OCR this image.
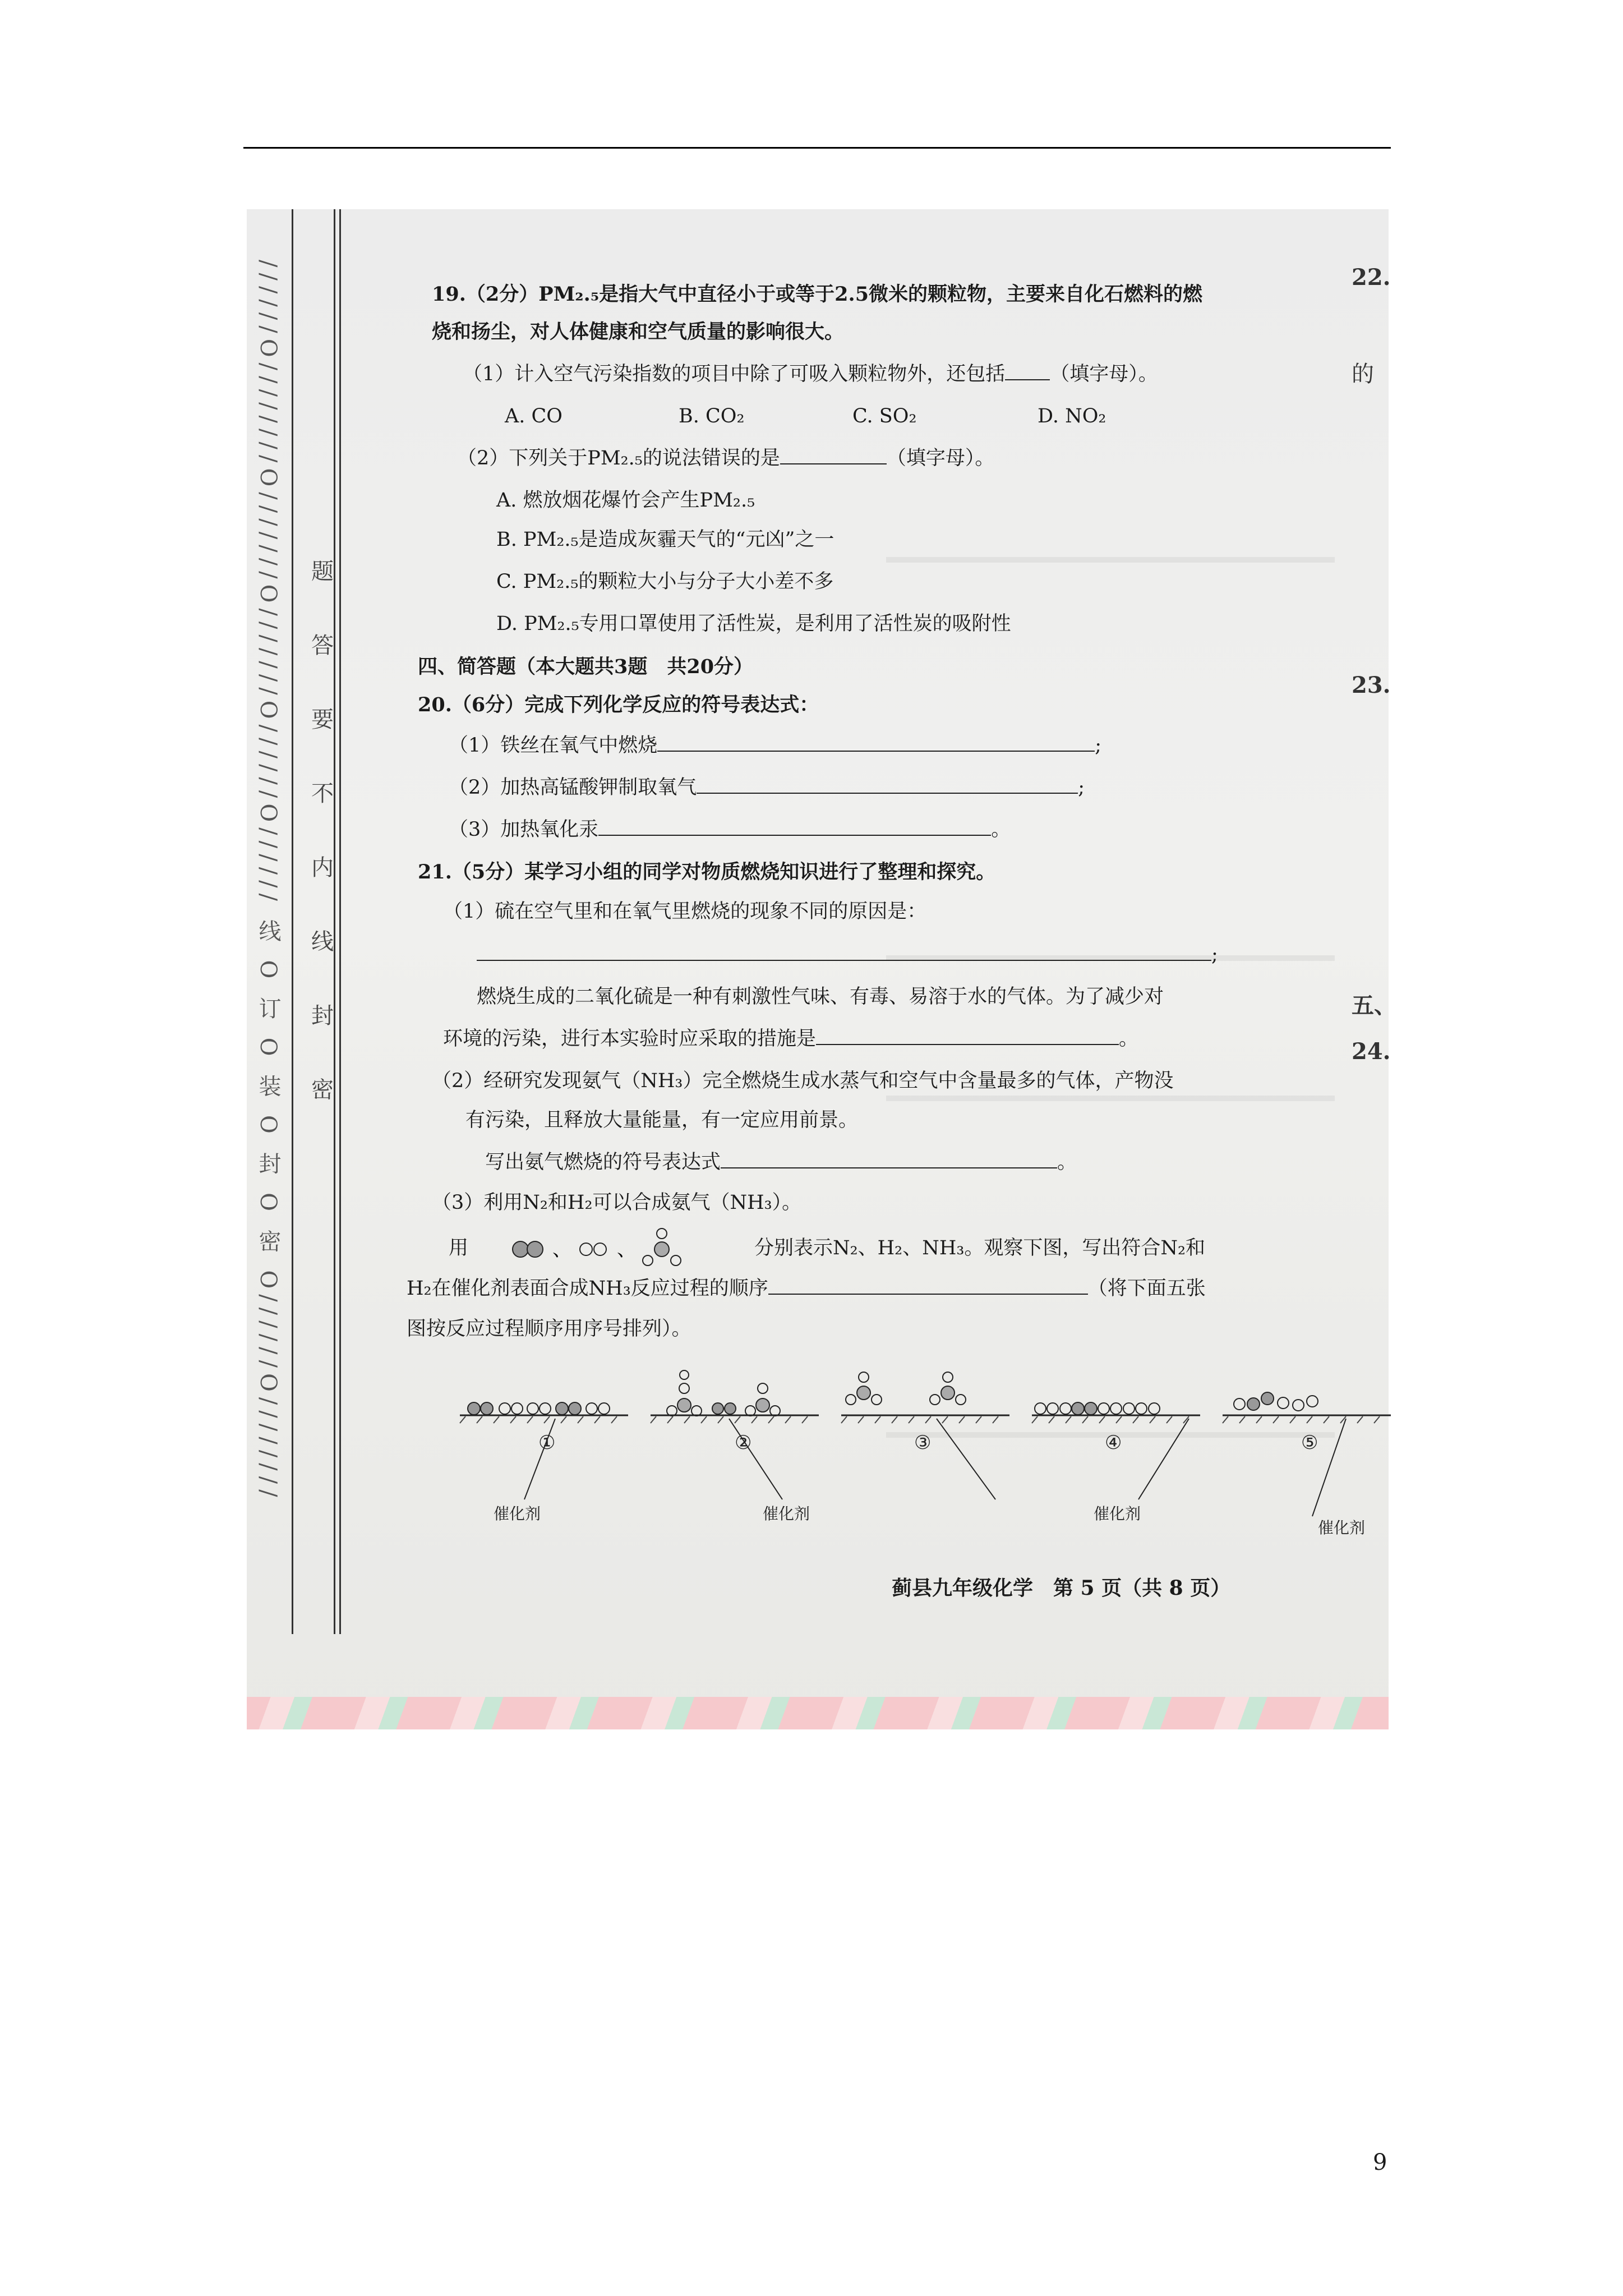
//////O////////O///////O///////O//////O////// 线 O 订 O 装 O 封 O 密 O//////O//////// 题
答
要
不
内
线
封
密
19.（2分）PM₂.₅是指大气中直径小于或等于2.5微米的颗粒物，主要来自化石燃料的燃
烧和扬尘，对人体健康和空气质量的影响很大。
（1）计入空气污染指数的项目中除了可吸入颗粒物外，还包括 （填字母）。
A. CO	B. CO₂	C. SO₂	D. NO₂
（2）下列关于PM₂.₅的说法错误的是	（填字母）。
A. 燃放烟花爆竹会产生PM₂.₅
B. PM₂.₅是造成灰霾天气的“元凶”之一
C. PM₂.₅的颗粒大小与分子大小差不多
D. PM₂.₅专用口罩使用了活性炭，是利用了活性炭的吸附性
四、简答题（本大题共3题　共20分）
20.（6分）完成下列化学反应的符号表达式：
（1）铁丝在氧气中燃烧	;
（2）加热高锰酸钾制取氧气	;
（3）加热氧化汞	。
21.（5分）某学习小组的同学对物质燃烧知识进行了整理和探究。
（1）硫在空气里和在氧气里燃烧的现象不同的原因是：
;
燃烧生成的二氧化硫是一种有刺激性气味、有毒、易溶于水的气体。为了减少对
环境的污染，进行本实验时应采取的措施是	。
（2）经研究发现氨气（NH₃）完全燃烧生成水蒸气和空气中含量最多的气体，产物没
有污染，且释放大量能量，有一定应用前景。
写出氨气燃烧的符号表达式	。
（3）利用N₂和H₂可以合成氨气（NH₃）。
用	、 、	分别表示N₂、H₂、NH₃。观察下图，写出符合N₂和
H₂在催化剂表面合成NH₃反应过程的顺序	（将下面五张
图按反应过程顺序用序号排列）。
①	②	③	④	⑤
催化剂	催化剂	催化剂
催化剂
蓟县九年级化学　第 5 页（共 8 页）
22.
的
23.
五、
24.
9
